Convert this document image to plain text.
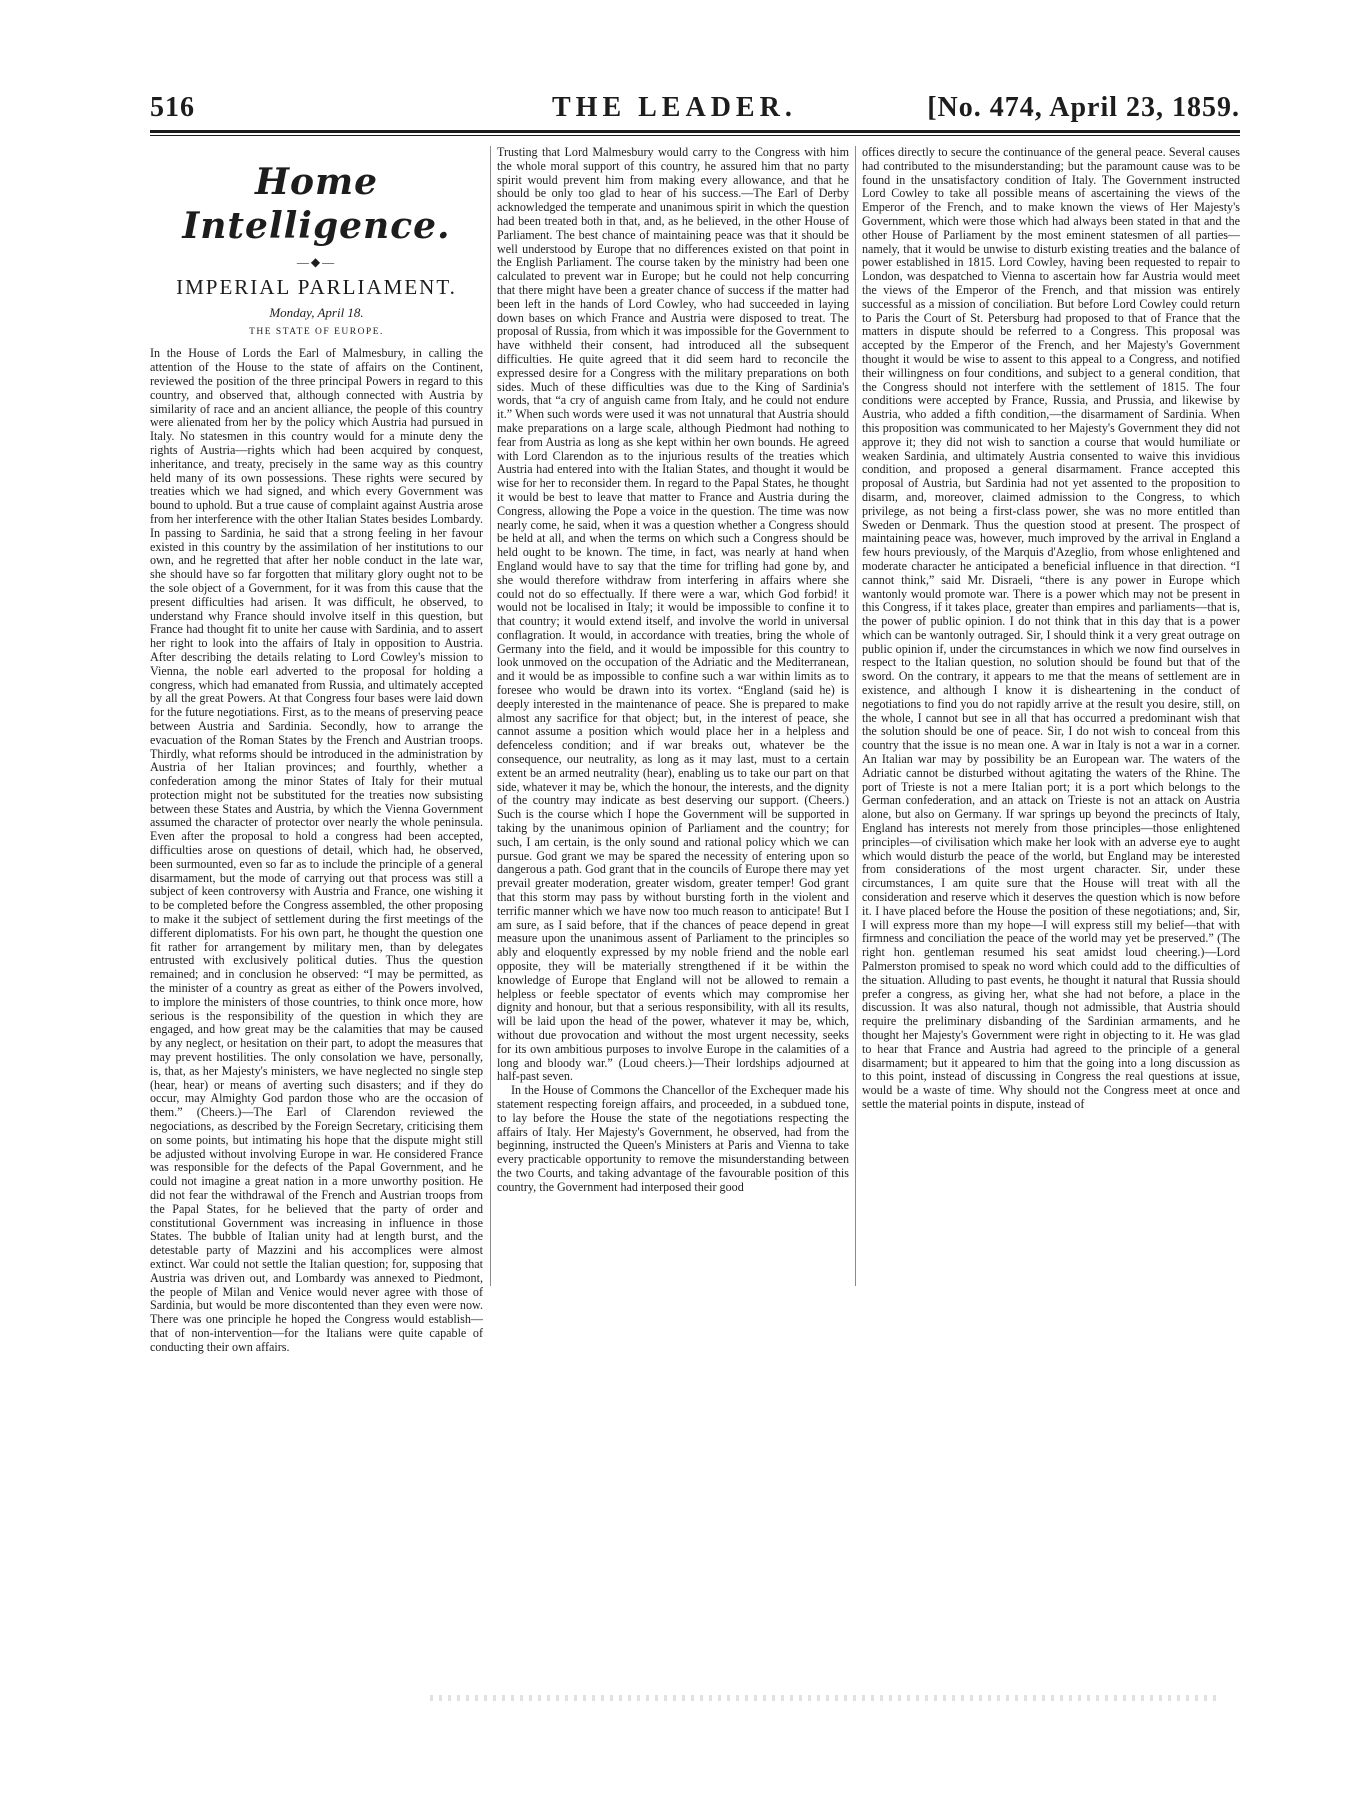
516	THE LEADER.	[No. 474, April 23, 1859.
Home Intelligence.
—◆—
IMPERIAL PARLIAMENT.
Monday, April 18.
THE STATE OF EUROPE.

In the House of Lords the Earl of Malmesbury, in calling the attention of the House to the state of affairs on the Continent, reviewed the position of the three principal Powers in regard to this country, and observed that, although connected with Austria by similarity of race and an ancient alliance, the people of this country were alienated from her by the policy which Austria had pursued in Italy. No statesmen in this country would for a minute deny the rights of Austria—rights which had been acquired by conquest, inheritance, and treaty, precisely in the same way as this country held many of its own possessions. These rights were secured by treaties which we had signed, and which every Government was bound to uphold. But a true cause of complaint against Austria arose from her interference with the other Italian States besides Lombardy. In passing to Sardinia, he said that a strong feeling in her favour existed in this country by the assimilation of her institutions to our own, and he regretted that after her noble conduct in the late war, she should have so far forgotten that military glory ought not to be the sole object of a Government, for it was from this cause that the present difficulties had arisen. It was difficult, he observed, to understand why France should involve itself in this question, but France had thought fit to unite her cause with Sardinia, and to assert her right to look into the affairs of Italy in opposition to Austria. After describing the details relating to Lord Cowley's mission to Vienna, the noble earl adverted to the proposal for holding a congress, which had emanated from Russia, and ultimately accepted by all the great Powers. At that Congress four bases were laid down for the future negotiations. First, as to the means of preserving peace between Austria and Sardinia. Secondly, how to arrange the evacuation of the Roman States by the French and Austrian troops. Thirdly, what reforms should be introduced in the administration by Austria of her Italian provinces; and fourthly, whether a confederation among the minor States of Italy for their mutual protection might not be substituted for the treaties now subsisting between these States and Austria, by which the Vienna Government assumed the character of protector over nearly the whole peninsula. Even after the proposal to hold a congress had been accepted, difficulties arose on questions of detail, which had, he observed, been surmounted, even so far as to include the principle of a general disarmament, but the mode of carrying out that process was still a subject of keen controversy with Austria and France, one wishing it to be completed before the Congress assembled, the other proposing to make it the subject of settlement during the first meetings of the different diplomatists. For his own part, he thought the question one fit rather for arrangement by military men, than by delegates entrusted with exclusively political duties. Thus the question remained; and in conclusion he observed: “I may be permitted, as the minister of a country as great as either of the Powers involved, to implore the ministers of those countries, to think once more, how serious is the responsibility of the question in which they are engaged, and how great may be the calamities that may be caused by any neglect, or hesitation on their part, to adopt the measures that may prevent hostilities. The only consolation we have, personally, is, that, as her Majesty's ministers, we have neglected no single step (hear, hear) or means of averting such disasters; and if they do occur, may Almighty God pardon those who are the occasion of them.” (Cheers.)—The Earl of Clarendon reviewed the negociations, as described by the Foreign Secretary, criticising them on some points, but intimating his hope that the dispute might still be adjusted without involving Europe in war. He considered France was responsible for the defects of the Papal Government, and he could not imagine a great nation in a more unworthy position. He did not fear the withdrawal of the French and Austrian troops from the Papal States, for he believed that the party of order and constitutional Government was increasing in influence in those States. The bubble of Italian unity had at length burst, and the detestable party of Mazzini and his accomplices were almost extinct. War could not settle the Italian question; for, supposing that Austria was driven out, and Lombardy was annexed to Piedmont, the people of Milan and Venice would never agree with those of Sardinia, but would be more discontented than they even were now. There was one principle he hoped the Congress would establish—that of non-intervention—for the Italians were quite capable of conducting their own affairs.

Trusting that Lord Malmesbury would carry to the Congress with him the whole moral support of this country, he assured him that no party spirit would prevent him from making every allowance, and that he should be only too glad to hear of his success.—The Earl of Derby acknowledged the temperate and unanimous spirit in which the question had been treated both in that, and, as he believed, in the other House of Parliament. The best chance of maintaining peace was that it should be well understood by Europe that no differences existed on that point in the English Parliament. The course taken by the ministry had been one calculated to prevent war in Europe; but he could not help concurring that there might have been a greater chance of success if the matter had been left in the hands of Lord Cowley, who had succeeded in laying down bases on which France and Austria were disposed to treat. The proposal of Russia, from which it was impossible for the Government to have withheld their consent, had introduced all the subsequent difficulties. He quite agreed that it did seem hard to reconcile the expressed desire for a Congress with the military preparations on both sides. Much of these difficulties was due to the King of Sardinia's words, that “a cry of anguish came from Italy, and he could not endure it.” When such words were used it was not unnatural that Austria should make preparations on a large scale, although Piedmont had nothing to fear from Austria as long as she kept within her own bounds. He agreed with Lord Clarendon as to the injurious results of the treaties which Austria had entered into with the Italian States, and thought it would be wise for her to reconsider them. In regard to the Papal States, he thought it would be best to leave that matter to France and Austria during the Congress, allowing the Pope a voice in the question. The time was now nearly come, he said, when it was a question whether a Congress should be held at all, and when the terms on which such a Congress should be held ought to be known. The time, in fact, was nearly at hand when England would have to say that the time for trifling had gone by, and she would therefore withdraw from interfering in affairs where she could not do so effectually. If there were a war, which God forbid! it would not be localised in Italy; it would be impossible to confine it to that country; it would extend itself, and involve the world in universal conflagration. It would, in accordance with treaties, bring the whole of Germany into the field, and it would be impossible for this country to look unmoved on the occupation of the Adriatic and the Mediterranean, and it would be as impossible to confine such a war within limits as to foresee who would be drawn into its vortex. “England (said he) is deeply interested in the maintenance of peace. She is prepared to make almost any sacrifice for that object; but, in the interest of peace, she cannot assume a position which would place her in a helpless and defenceless condition; and if war breaks out, whatever be the consequence, our neutrality, as long as it may last, must to a certain extent be an armed neutrality (hear), enabling us to take our part on that side, whatever it may be, which the honour, the interests, and the dignity of the country may indicate as best deserving our support. (Cheers.) Such is the course which I hope the Government will be supported in taking by the unanimous opinion of Parliament and the country; for such, I am certain, is the only sound and rational policy which we can pursue. God grant we may be spared the necessity of entering upon so dangerous a path. God grant that in the councils of Europe there may yet prevail greater moderation, greater wisdom, greater temper! God grant that this storm may pass by without bursting forth in the violent and terrific manner which we have now too much reason to anticipate! But I am sure, as I said before, that if the chances of peace depend in great measure upon the unanimous assent of Parliament to the principles so ably and eloquently expressed by my noble friend and the noble earl opposite, they will be materially strengthened if it be within the knowledge of Europe that England will not be allowed to remain a helpless or feeble spectator of events which may compromise her dignity and honour, but that a serious responsibility, with all its results, will be laid upon the head of the power, whatever it may be, which, without due provocation and without the most urgent necessity, seeks for its own ambitious purposes to involve Europe in the calamities of a long and bloody war.” (Loud cheers.)—Their lordships adjourned at half-past seven.

In the House of Commons the Chancellor of the Exchequer made his statement respecting foreign affairs, and proceeded, in a subdued tone, to lay before the House the state of the negotiations respecting the affairs of Italy. Her Majesty's Government, he observed, had from the beginning, instructed the Queen's Ministers at Paris and Vienna to take every practicable opportunity to remove the misunderstanding between the two Courts, and taking advantage of the favourable position of this country, the Government had interposed their good

offices directly to secure the continuance of the general peace. Several causes had contributed to the misunderstanding; but the paramount cause was to be found in the unsatisfactory condition of Italy. The Government instructed Lord Cowley to take all possible means of ascertaining the views of the Emperor of the French, and to make known the views of Her Majesty's Government, which were those which had always been stated in that and the other House of Parliament by the most eminent statesmen of all parties—namely, that it would be unwise to disturb existing treaties and the balance of power established in 1815. Lord Cowley, having been requested to repair to London, was despatched to Vienna to ascertain how far Austria would meet the views of the Emperor of the French, and that mission was entirely successful as a mission of conciliation. But before Lord Cowley could return to Paris the Court of St. Petersburg had proposed to that of France that the matters in dispute should be referred to a Congress. This proposal was accepted by the Emperor of the French, and her Majesty's Government thought it would be wise to assent to this appeal to a Congress, and notified their willingness on four conditions, and subject to a general condition, that the Congress should not interfere with the settlement of 1815. The four conditions were accepted by France, Russia, and Prussia, and likewise by Austria, who added a fifth condition,—the disarmament of Sardinia. When this proposition was communicated to her Majesty's Government they did not approve it; they did not wish to sanction a course that would humiliate or weaken Sardinia, and ultimately Austria consented to waive this invidious condition, and proposed a general disarmament. France accepted this proposal of Austria, but Sardinia had not yet assented to the proposition to disarm, and, moreover, claimed admission to the Congress, to which privilege, as not being a first-class power, she was no more entitled than Sweden or Denmark. Thus the question stood at present. The prospect of maintaining peace was, however, much improved by the arrival in England a few hours previously, of the Marquis d'Azeglio, from whose enlightened and moderate character he anticipated a beneficial influence in that direction. “I cannot think,” said Mr. Disraeli, “there is any power in Europe which wantonly would promote war. There is a power which may not be present in this Congress, if it takes place, greater than empires and parliaments—that is, the power of public opinion. I do not think that in this day that is a power which can be wantonly outraged. Sir, I should think it a very great outrage on public opinion if, under the circumstances in which we now find ourselves in respect to the Italian question, no solution should be found but that of the sword. On the contrary, it appears to me that the means of settlement are in existence, and although I know it is disheartening in the conduct of negotiations to find you do not rapidly arrive at the result you desire, still, on the whole, I cannot but see in all that has occurred a predominant wish that the solution should be one of peace. Sir, I do not wish to conceal from this country that the issue is no mean one. A war in Italy is not a war in a corner. An Italian war may by possibility be an European war. The waters of the Adriatic cannot be disturbed without agitating the waters of the Rhine. The port of Trieste is not a mere Italian port; it is a port which belongs to the German confederation, and an attack on Trieste is not an attack on Austria alone, but also on Germany. If war springs up beyond the precincts of Italy, England has interests not merely from those principles—those enlightened principles—of civilisation which make her look with an adverse eye to aught which would disturb the peace of the world, but England may be interested from considerations of the most urgent character. Sir, under these circumstances, I am quite sure that the House will treat with all the consideration and reserve which it deserves the question which is now before it. I have placed before the House the position of these negotiations; and, Sir, I will express more than my hope—I will express still my belief—that with firmness and conciliation the peace of the world may yet be preserved.” (The right hon. gentleman resumed his seat amidst loud cheering.)—Lord Palmerston promised to speak no word which could add to the difficulties of the situation. Alluding to past events, he thought it natural that Russia should prefer a congress, as giving her, what she had not before, a place in the discussion. It was also natural, though not admissible, that Austria should require the preliminary disbanding of the Sardinian armaments, and he thought her Majesty's Government were right in objecting to it. He was glad to hear that France and Austria had agreed to the principle of a general disarmament; but it appeared to him that the going into a long discussion as to this point, instead of discussing in Congress the real questions at issue, would be a waste of time. Why should not the Congress meet at once and settle the material points in dispute, instead of
